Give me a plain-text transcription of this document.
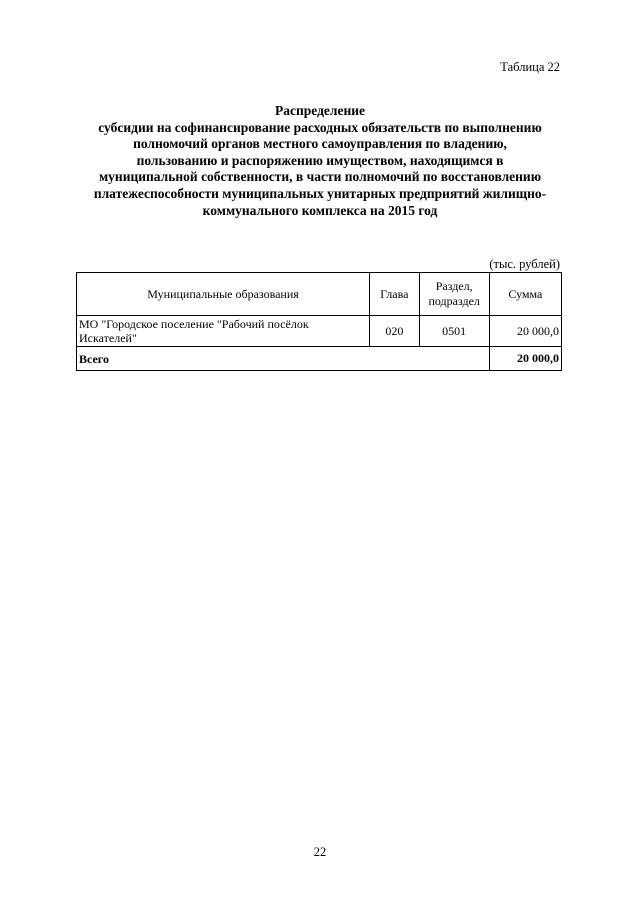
Таблица 22
Распределение
субсидии на софинансирование расходных обязательств по выполнению
полномочий органов местного самоуправления по владению,
пользованию и распоряжению имуществом, находящимся в
муниципальной собственности, в части полномочий по восстановлению
платежеспособности муниципальных унитарных предприятий жилищно-
коммунального комплекса на 2015 год
(тыс. рублей)
Муниципальные образования	Глава	Раздел, подраздел	Сумма
МО "Городское поселение "Рабочий посёлок Искателей"	020	0501	20 000,0
Всего			20 000,0
22
